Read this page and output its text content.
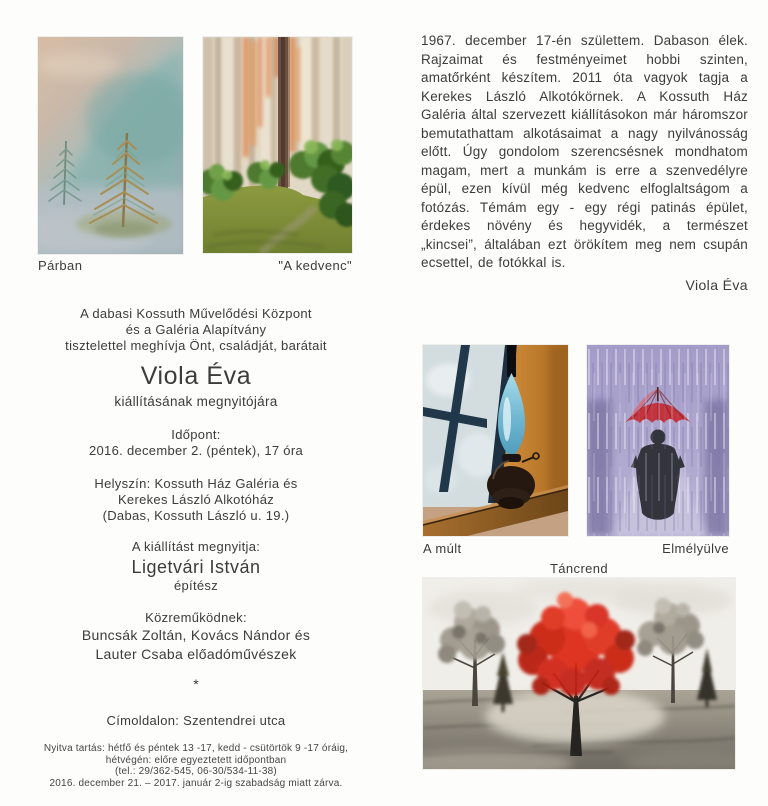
Párban	"A kedvenc"
A dabasi Kossuth Művelődési Központ
és a Galéria Alapítvány
tisztelettel meghívja Önt, családját, barátait
Viola Éva
kiállításának megnyitójára
Időpont:
2016. december 2. (péntek), 17 óra
Helyszín: Kossuth Ház Galéria és
Kerekes László Alkotóház
(Dabas, Kossuth László u. 19.)
A kiállítást megnyitja:
Ligetvári István
építész
Közreműködnek:
Buncsák Zoltán, Kovács Nándor és
Lauter Csaba előadóművészek
*
Címoldalon: Szentendrei utca
Nyitva tartás: hétfő és péntek 13 -17, kedd - csütörtök 9 -17 óráig,
hétvégén: előre egyeztetett időpontban
(tel.: 29/362-545, 06-30/534-11-38)
2016. december 21. – 2017. január 2-ig szabadság miatt zárva.

1967. december 17-én születtem. Dabason élek. Rajzaimat és festményeimet hobbi szinten, amatőrként készítem. 2011 óta vagyok tagja a Kerekes László Alkotókörnek. A Kossuth Ház Galéria által szervezett kiállításokon már háromszor bemutathattam alkotásaimat a nagy nyilvánosság előtt. Úgy gondolom szerencsésnek mondhatom magam, mert a munkám is erre a szenvedélyre épül, ezen kívül még kedvenc elfoglaltságom a fotózás. Témám egy - egy régi patinás épület, érdekes növény és hegyvidék, a természet „kincsei”, általában ezt örökítem meg nem csupán ecsettel, de fotókkal is.

Viola Éva
A múlt	Elmélyülve
Táncrend
